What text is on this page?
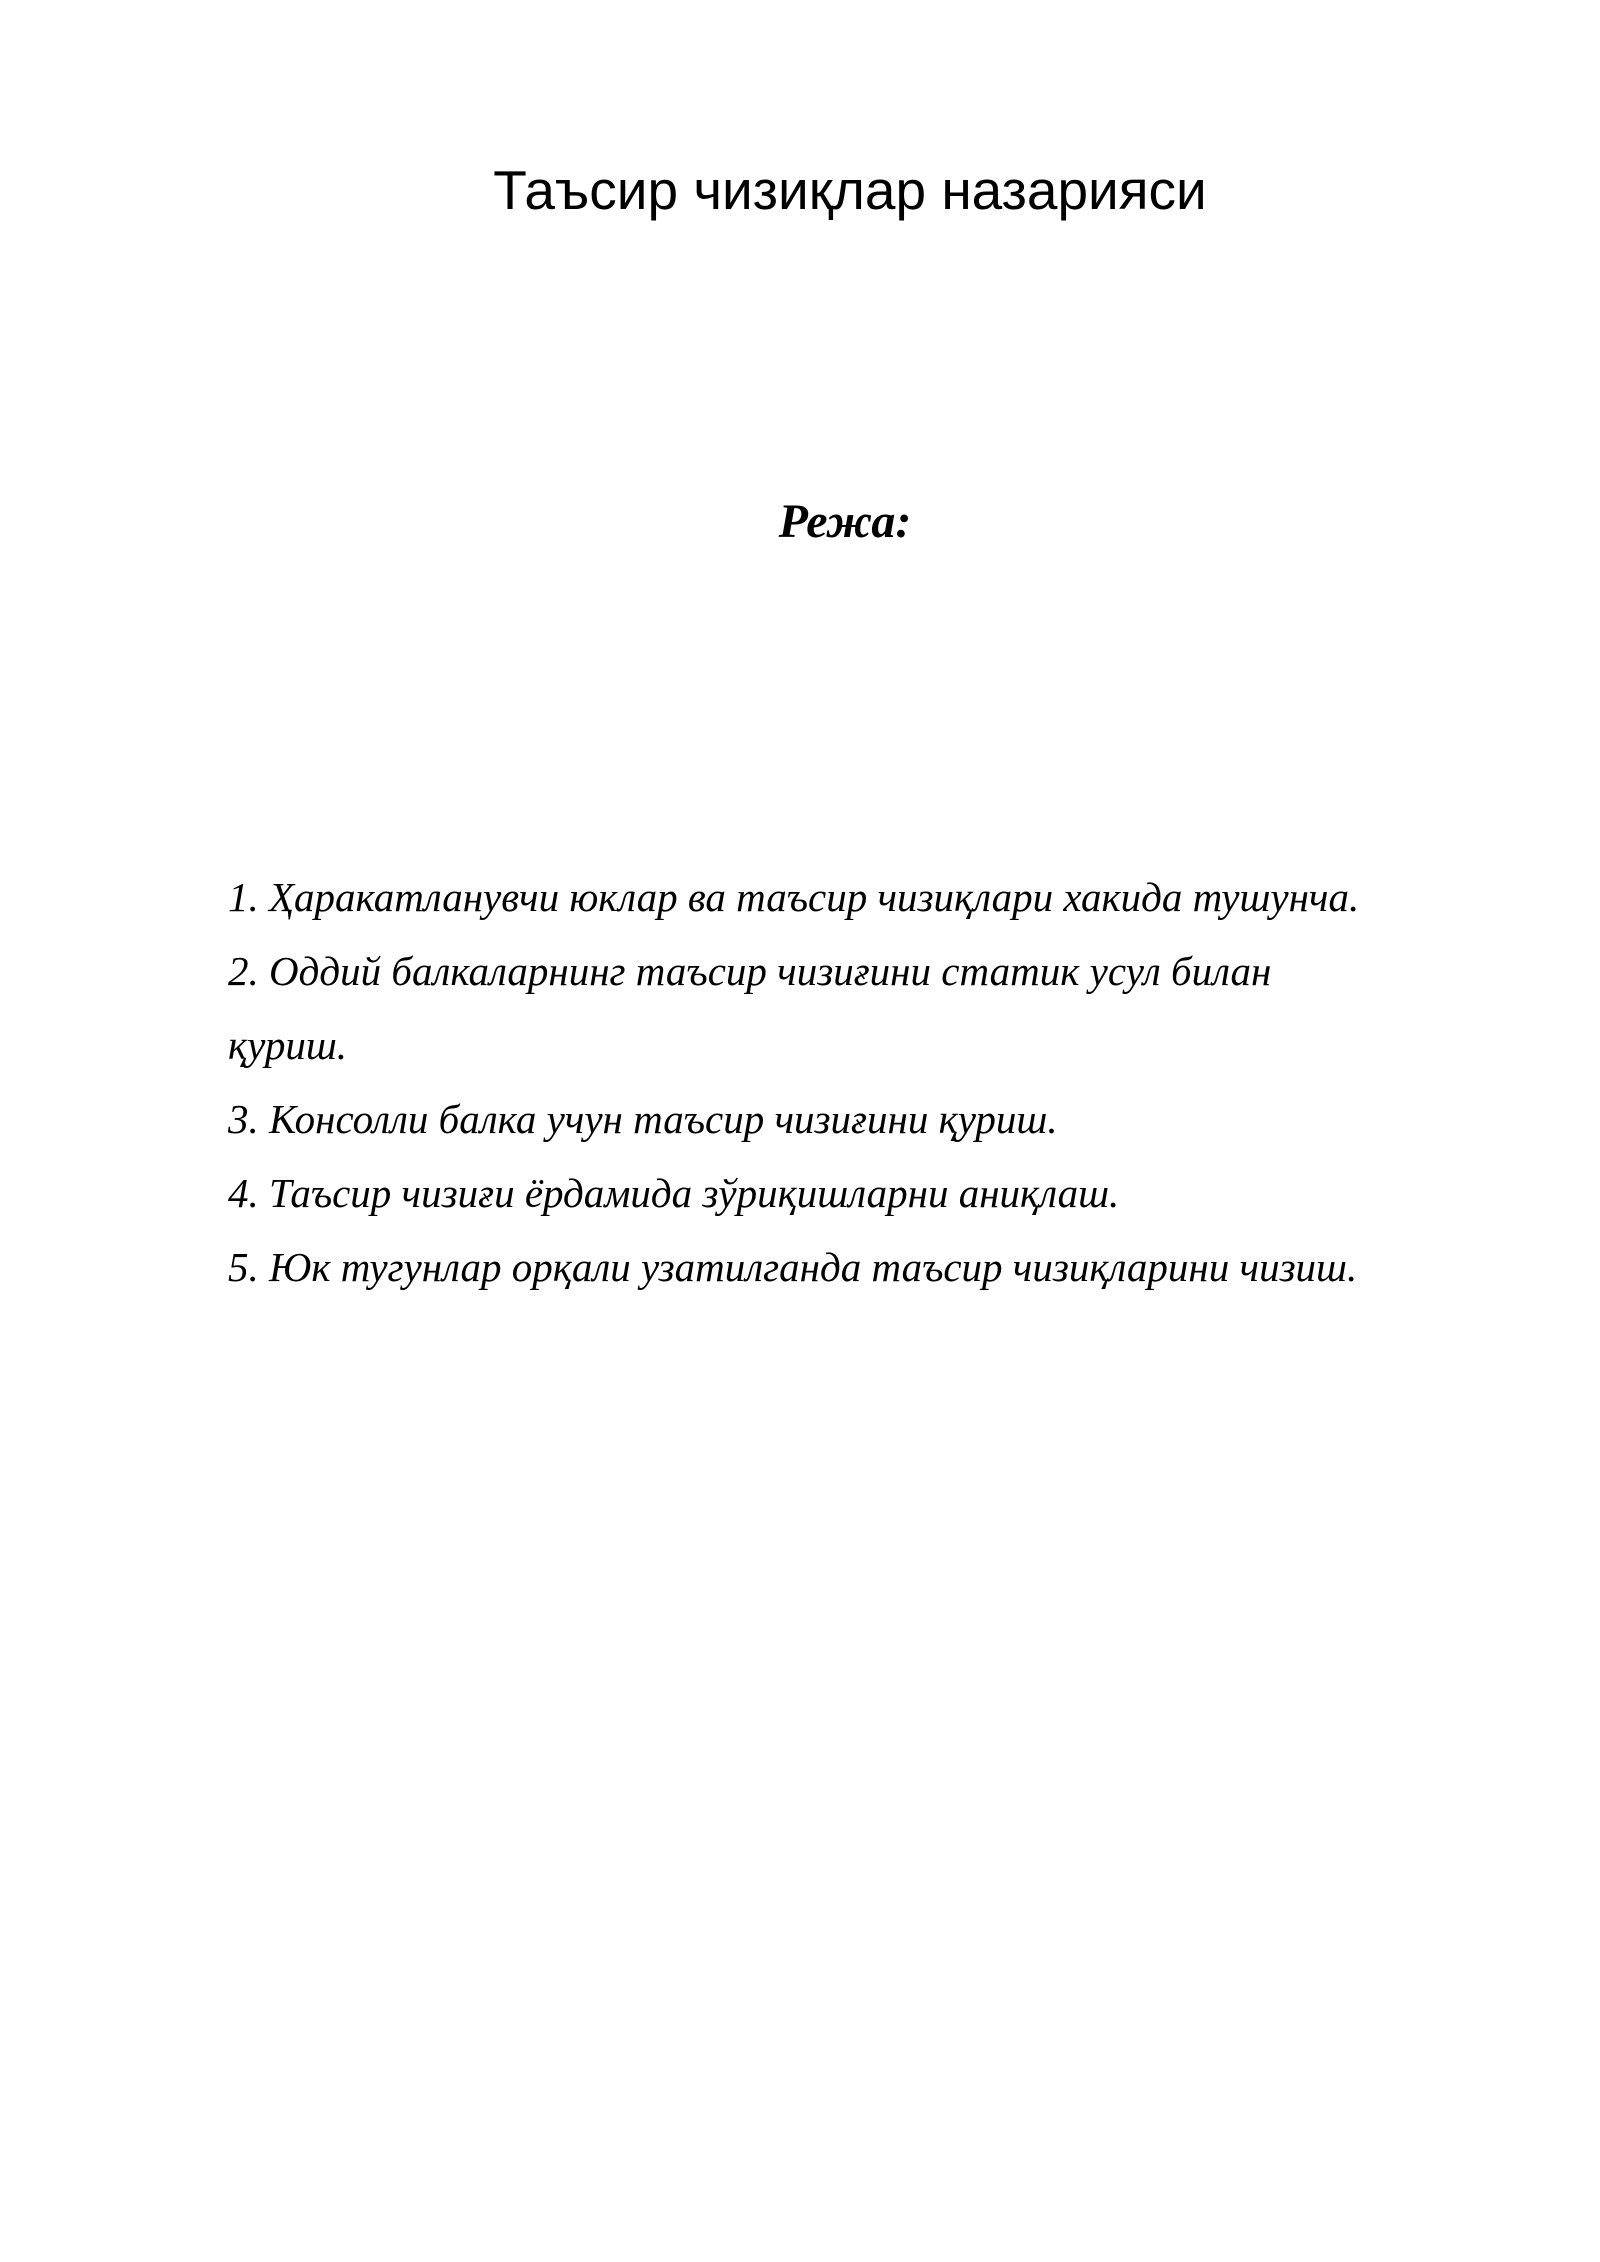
Таъсир чизиқлар назарияси
Режа:
1. Ҳаракатланувчи юклар ва таъсир чизиқлари хакида тушунча.
2. Оддий балкаларнинг таъсир чизиғини статик усул билан
қуриш.
3. Консолли балка учун таъсир чизиғини қуриш.
4. Таъсир чизиғи ёрдамида зўриқишларни аниқлаш.
5. Юк тугунлар орқали узатилганда таъсир чизиқларини чизиш.
